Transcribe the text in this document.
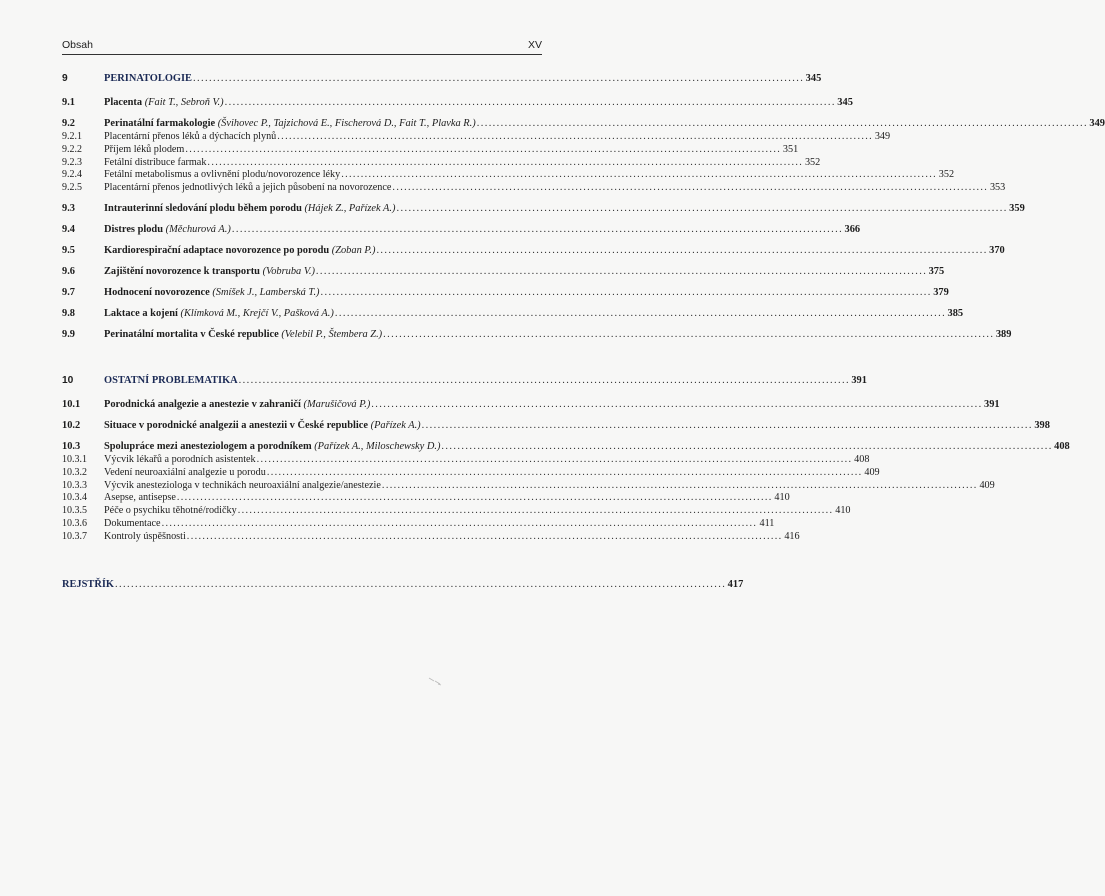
Obsah	XV
9	PERINATOLOGIE . . .	345
9.1	Placenta (Fait T., Sebroň V.) . . .	345
9.2	Perinatální farmakologie (Švihovec P., Tajzichová E., Fischerová D., Fait T., Plavka R.) . . .	349
9.2.1	Placentární přenos léků a dýchacích plynů . . .	349
9.2.2	Příjem léků plodem . . .	351
9.2.3	Fetální distribuce farmak . . .	352
9.2.4	Fetální metabolismus a ovlivnění plodu/novorozence léky . . .	352
9.2.5	Placentární přenos jednotlivých léků a jejich působení na novorozence . . .	353
9.3	Intrauterinní sledování plodu během porodu (Hájek Z., Pařízek A.) . . .	359
9.4	Distres plodu (Měchurová A.) . . .	366
9.5	Kardiorespirační adaptace novorozence po porodu (Zoban P.) . . .	370
9.6	Zajištění novorozence k transportu (Vobruba V.) . . .	375
9.7	Hodnocení novorozence (Smíšek J., Lamberská T.) . . .	379
9.8	Laktace a kojení (Klímková M., Krejčí V., Pašková A.) . . .	385
9.9	Perinatální mortalita v České republice (Velebil P., Štembera Z.) . . .	389
10	OSTATNÍ PROBLEMATIKA . . .	391
10.1	Porodnická analgezie a anestezie v zahraničí (Marušičová P.) . . .	391
10.2	Situace v porodnické analgezii a anestezii v České republice (Pařízek A.) . . .	398
10.3	Spolupráce mezi anesteziologem a porodníkem (Pařízek A., Miloschewsky D.) . . .	408
10.3.1	Výcvik lékařů a porodních asistentek . . .	408
10.3.2	Vedení neuroaxiální analgezie u porodu . . .	409
10.3.3	Výcvik anesteziologa v technikách neuroaxiální analgezie/anestezie . . .	409
10.3.4	Asepse, antisepse . . .	410
10.3.5	Péče o psychiku těhotné/rodičky . . .	410
10.3.6	Dokumentace . . .	411
10.3.7	Kontroly úspěšnosti . . .	416
REJSTŘÍK . . .	417
